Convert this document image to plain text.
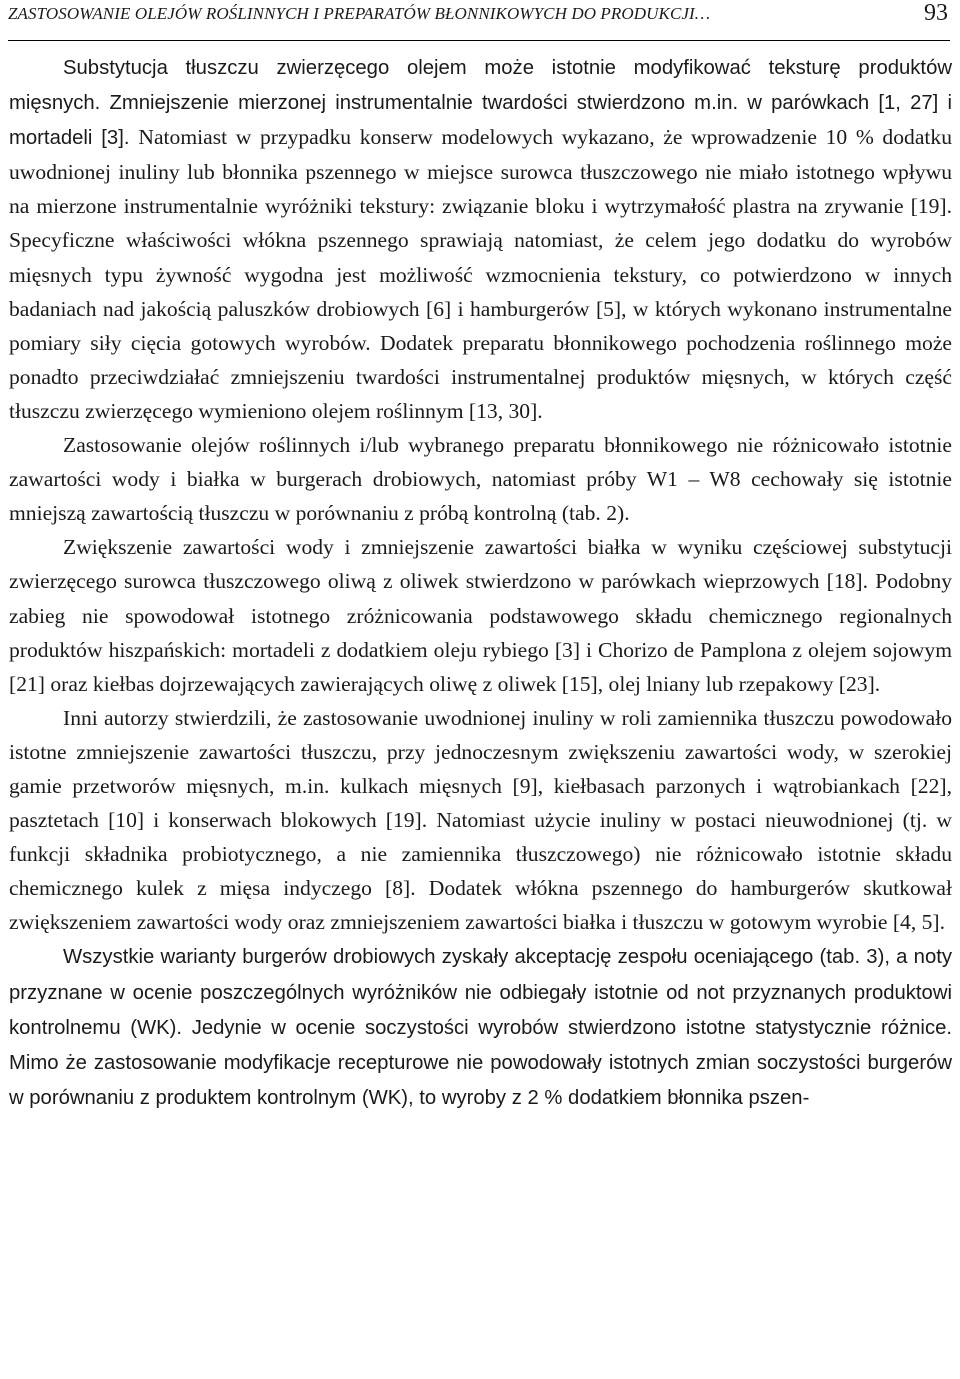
ZASTOSOWANIE OLEJÓW ROŚLINNYCH I PREPARATÓW BŁONNIKOWYCH DO PRODUKCJI…	93

Substytucja tłuszczu zwierzęcego olejem może istotnie modyfikować teksturę produktów mięsnych. Zmniejszenie mierzonej instrumentalnie twardości stwierdzono m.in. w parówkach [1, 27] i mortadeli [3]. Natomiast w przypadku konserw modelowych wykazano, że wprowadzenie 10 % dodatku uwodnionej inuliny lub błonnika pszennego w miejsce surowca tłuszczowego nie miało istotnego wpływu na mierzone instrumentalnie wyróżniki tekstury: związanie bloku i wytrzymałość plastra na zrywanie [19]. Specyficzne właściwości włókna pszennego sprawiają natomiast, że celem jego dodatku do wyrobów mięsnych typu żywność wygodna jest możliwość wzmocnienia tekstury, co potwierdzono w innych badaniach nad jakością paluszków drobiowych [6] i hamburgerów [5], w których wykonano instrumentalne pomiary siły cięcia gotowych wyrobów. Dodatek preparatu błonnikowego pochodzenia roślinnego może ponadto przeciwdziałać zmniejszeniu twardości instrumentalnej produktów mięsnych, w których część tłuszczu zwierzęcego wymieniono olejem roślinnym [13, 30].

Zastosowanie olejów roślinnych i/lub wybranego preparatu błonnikowego nie różnicowało istotnie zawartości wody i białka w burgerach drobiowych, natomiast próby W1 – W8 cechowały się istotnie mniejszą zawartością tłuszczu w porównaniu z próbą kontrolną (tab. 2).

Zwiększenie zawartości wody i zmniejszenie zawartości białka w wyniku częściowej substytucji zwierzęcego surowca tłuszczowego oliwą z oliwek stwierdzono w parówkach wieprzowych [18]. Podobny zabieg nie spowodował istotnego zróżnicowania podstawowego składu chemicznego regionalnych produktów hiszpańskich: mortadeli z dodatkiem oleju rybiego [3] i Chorizo de Pamplona z olejem sojowym [21] oraz kiełbas dojrzewających zawierających oliwę z oliwek [15], olej lniany lub rzepakowy [23].

Inni autorzy stwierdzili, że zastosowanie uwodnionej inuliny w roli zamiennika tłuszczu powodowało istotne zmniejszenie zawartości tłuszczu, przy jednoczesnym zwiększeniu zawartości wody, w szerokiej gamie przetworów mięsnych, m.in. kulkach mięsnych [9], kiełbasach parzonych i wątrobiankach [22], pasztetach [10] i konserwach blokowych [19]. Natomiast użycie inuliny w postaci nieuwodnionej (tj. w funkcji składnika probiotycznego, a nie zamiennika tłuszczowego) nie różnicowało istotnie składu chemicznego kulek z mięsa indyczego [8]. Dodatek włókna pszennego do hamburgerów skutkował zwiększeniem zawartości wody oraz zmniejszeniem zawartości białka i tłuszczu w gotowym wyrobie [4, 5].

Wszystkie warianty burgerów drobiowych zyskały akceptację zespołu oceniającego (tab. 3), a noty przyznane w ocenie poszczególnych wyróżników nie odbiegały istotnie od not przyznanych produktowi kontrolnemu (WK). Jedynie w ocenie soczystości wyrobów stwierdzono istotne statystycznie różnice. Mimo że zastosowanie modyfikacje recepturowe nie powodowały istotnych zmian soczystości burgerów w porównaniu z produktem kontrolnym (WK), to wyroby z 2 % dodatkiem błonnika pszen-
